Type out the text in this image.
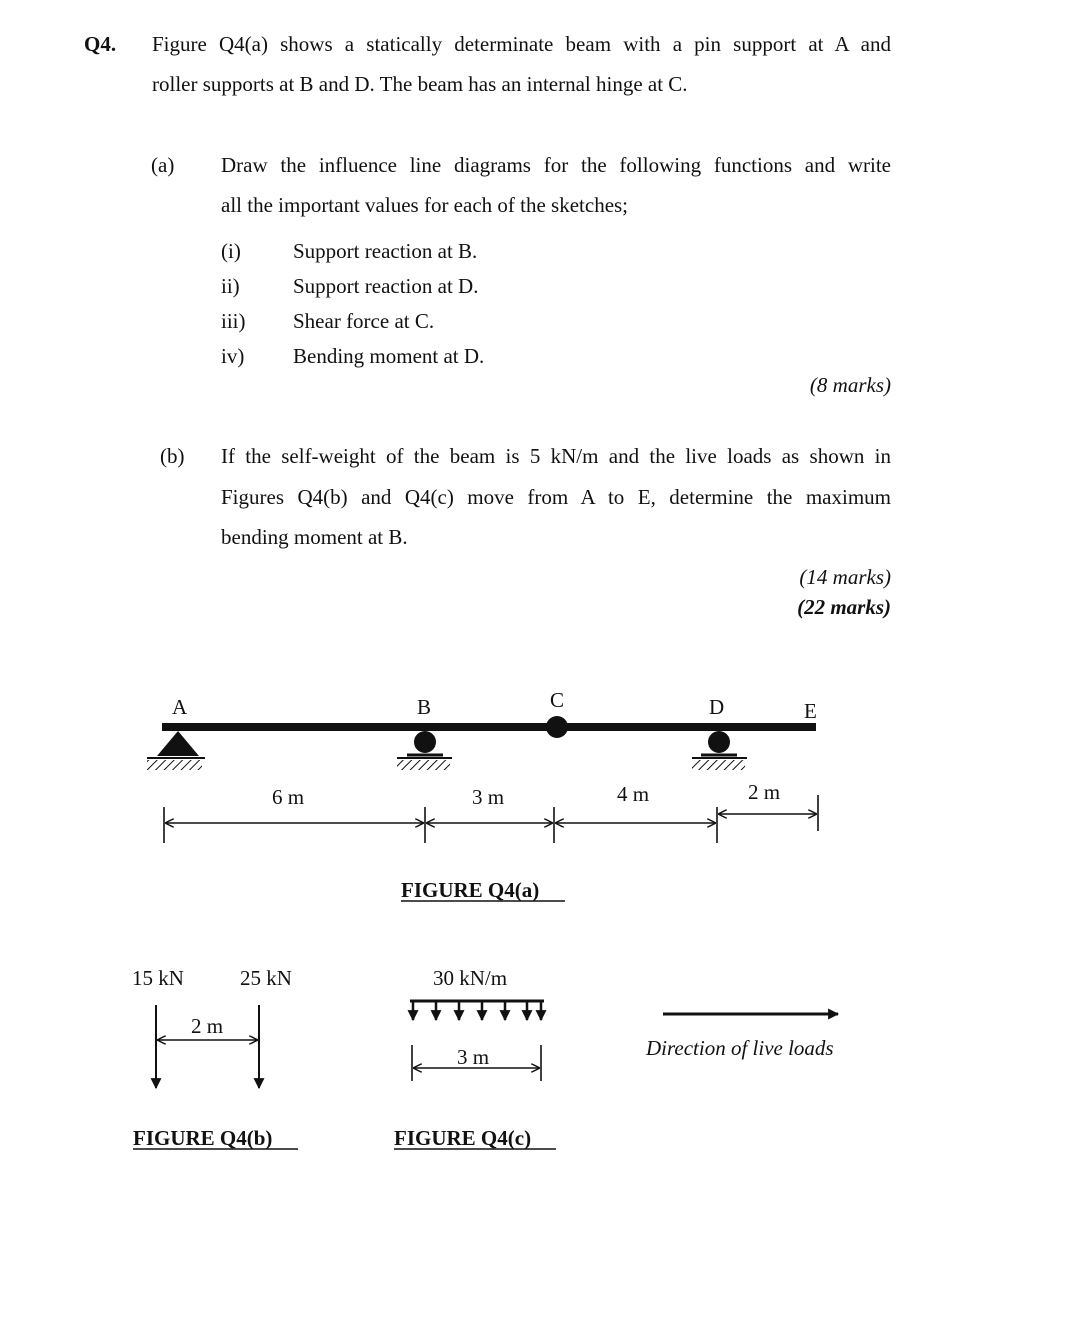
Q4. Figure Q4(a) shows a statically determinate beam with a pin support at A and
roller supports at B and D. The beam has an internal hinge at C.
(a) Draw the influence line diagrams for the following functions and write
all the important values for each of the sketches;
(i) Support reaction at B.
ii)	Support reaction at D.
iii) Shear force at C.
iv) Bending moment at D.
(8 marks)
(b) If the self-weight of the beam is 5 kN/m and the live loads as shown in
Figures Q4(b) and Q4(c) move from A to E, determine the maximum
bending moment at B.
(14 marks)
(22 marks)
A	B	C	D	E
6 m	3 m	4 m	2 m
FIGURE Q4(a)
15 kN	25 kN
2 m
FIGURE Q4(b)
30 kN/m
3 m
FIGURE Q4(c)
Direction of live loads
